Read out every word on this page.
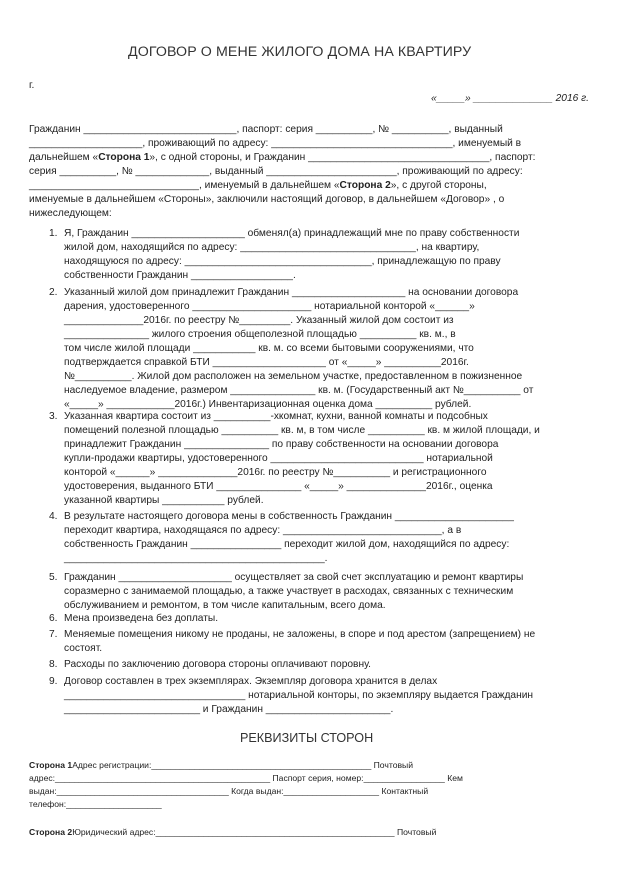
ДОГОВОР О МЕНЕ ЖИЛОГО ДОМА НА КВАРТИРУ
г.
«_____» ______________ 2016 г.
Гражданин ___________________________, паспорт: серия __________, № __________, выданный
____________________, проживающий по адресу: ________________________________, именуемый в
дальнейшем «Сторона 1», с одной стороны, и Гражданин ________________________________, паспорт:
серия __________, № _____________, выданный _______________________, проживающий по адресу:
______________________________, именуемый в дальнейшем «Сторона 2», с другой стороны,
именуемые в дальнейшем «Стороны», заключили настоящий договор, в дальнейшем «Договор» , о
нижеследующем:
1. Я, Гражданин ____________________ обменял(а) принадлежащий мне по праву собственности
жилой дом, находящийся по адресу: _______________________________, на квартиру,
находящуюся по адресу: _________________________________, принадлежащую по праву
собственности Гражданин __________________.
2. Указанный жилой дом принадлежит Гражданин ____________________ на основании договора
дарения, удостоверенного _____________________ нотариальной конторой «______»
______________2016г. по реестру №_________. Указанный жилой дом состоит из
_______________ жилого строения общеполезной площадью __________ кв. м., в
том числе жилой площади ___________ кв. м. со всеми бытовыми сооружениями, что
подтверждается справкой БТИ ____________________ от «_____» __________2016г.
№__________. Жилой дом расположен на земельном участке, предоставленном в пожизненное
наследуемое владение, размером _______________ кв. м. (Государственный акт №__________ от
«_____» ____________2016г.) Инвентаризационная оценка дома __________ рублей.
3. Указанная квартира состоит из __________-хкомнат, кухни, ванной комнаты и подсобных
помещений полезной площадью __________ кв. м, в том числе __________ кв. м жилой площади, и
принадлежит Гражданин _______________ по праву собственности на основании договора
купли-продажи квартиры, удостоверенного ___________________________ нотариальной
конторой «______» ______________2016г. по реестру №__________ и регистрационного
удостоверения, выданного БТИ _______________ «_____» ______________2016г., оценка
указанной квартиры ___________ рублей.
4. В результате настоящего договора мены в собственность Гражданин _____________________
переходит квартира, находящаяся по адресу: ____________________________, а в
собственность Гражданин ________________ переходит жилой дом, находящийся по адресу:
______________________________________________.
5. Гражданин ____________________ осуществляет за свой счет эксплуатацию и ремонт квартиры
соразмерно с занимаемой площадью, а также участвует в расходах, связанных с техническим
обслуживанием и ремонтом, в том числе капитальным, всего дома.
6. Мена произведена без доплаты.
7. Меняемые помещения никому не проданы, не заложены, в споре и под арестом (запрещением) не
состоят.
8. Расходы по заключению договора стороны оплачивают поровну.
9. Договор составлен в трех экземплярах. Экземпляр договора хранится в делах
________________________________ нотариальной конторы, по экземпляру выдается Гражданин
________________________ и Гражданин ______________________.
РЕКВИЗИТЫ СТОРОН
Сторона 1Адрес регистрации:______________________________________________ Почтовый
адрес:_____________________________________________ Паспорт серия, номер:_________________ Кем
выдан:____________________________________ Когда выдан:____________________ Контактный
телефон:____________________
Сторона 2Юридический адрес:__________________________________________________ Почтовый
